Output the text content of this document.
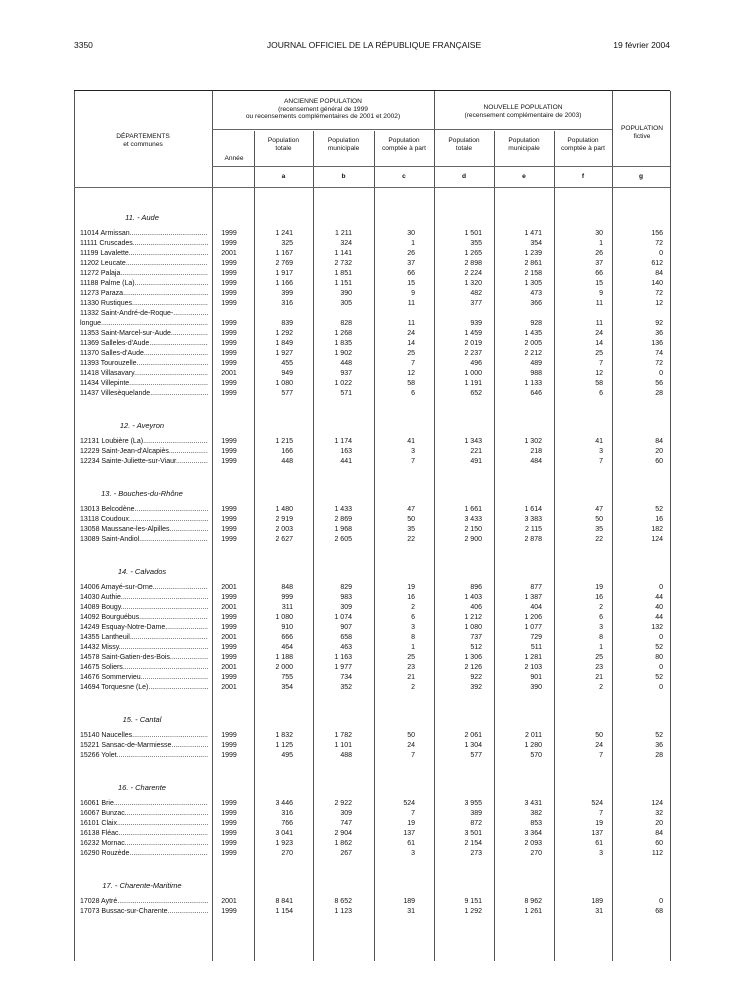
3350	JOURNAL OFFICIEL DE LA RÉPUBLIQUE FRANÇAISE	19 février 2004
DÉPARTEMENTS
et communes
ANCIENNE POPULATION
(recensement général de 1999
ou recensements complémentaires de 2001 et 2002)
NOUVELLE POPULATION
(recensement complémentaire de 2003)
POPULATION
fictive
Année
Population
totale
Population
municipale
Population
comptée à part
Population
totale
Population
municipale
Population
comptée à part
a	b	c	d	e	f	g
11. - Aude
11014 Armissan .....	1999	1 241	1 211	30	1 501	1 471	30	156
11111 Cruscades .....	1999	325	324	1	355	354	1	72
11199 Lavalette .....	2001	1 167	1 141	26	1 265	1 239	26	0
11202 Leucate .....	1999	2 769	2 732	37	2 898	2 861	37	612
11272 Palaja .....	1999	1 917	1 851	66	2 224	2 158	66	84
11188 Palme (La) .....	1999	1 166	1 151	15	1 320	1 305	15	140
11273 Paraza .....	1999	399	390	9	482	473	9	72
11330 Rustiques .....	1999	316	305	11	377	366	11	12
11332 Saint-André-de-Roque- .....
longue .....	1999	839	828	11	939	928	11	92
11353 Saint-Marcel-sur-Aude .....	1999	1 292	1 268	24	1 459	1 435	24	36
11369 Salleles-d'Aude .....	1999	1 849	1 835	14	2 019	2 005	14	136
11370 Salles-d'Aude .....	1999	1 927	1 902	25	2 237	2 212	25	74
11393 Tourouzelle .....	1999	455	448	7	496	489	7	72
11418 Villasavary .....	2001	949	937	12	1 000	988	12	0
11434 Villepinte .....	1999	1 080	1 022	58	1 191	1 133	58	56
11437 Villesèquelande .....	1999	577	571	6	652	646	6	28
12. - Aveyron
12131 Loubière (La) .....	1999	1 215	1 174	41	1 343	1 302	41	84
12229 Saint-Jean-d'Alcapiès .....	1999	166	163	3	221	218	3	20
12234 Sainte-Juliette-sur-Viaur .....	1999	448	441	7	491	484	7	60
13. - Bouches-du-Rhône
13013 Belcodène .....	1999	1 480	1 433	47	1 661	1 614	47	52
13118 Coudoux .....	1999	2 919	2 869	50	3 433	3 383	50	16
13058 Maussane-les-Alpilles .....	1999	2 003	1 968	35	2 150	2 115	35	182
13089 Saint-Andiol .....	1999	2 627	2 605	22	2 900	2 878	22	124
14. - Calvados
14006 Amayé-sur-Orne .....	2001	848	829	19	896	877	19	0
14030 Authie .....	1999	999	983	16	1 403	1 387	16	44
14089 Bougy .....	2001	311	309	2	406	404	2	40
14092 Bourguébus .....	1999	1 080	1 074	6	1 212	1 206	6	44
14249 Esquay-Notre-Dame .....	1999	910	907	3	1 080	1 077	3	132
14355 Lantheuil .....	2001	666	658	8	737	729	8	0
14432 Missy .....	1999	464	463	1	512	511	1	52
14578 Saint-Gatien-des-Bois .....	1999	1 188	1 163	25	1 306	1 281	25	80
14675 Soliers .....	2001	2 000	1 977	23	2 126	2 103	23	0
14676 Sommervieu .....	1999	755	734	21	922	901	21	52
14694 Torquesne (Le) .....	2001	354	352	2	392	390	2	0
15. - Cantal
15140 Naucelles .....	1999	1 832	1 782	50	2 061	2 011	50	52
15221 Sansac-de-Marmiesse .....	1999	1 125	1 101	24	1 304	1 280	24	36
15266 Yolet .....	1999	495	488	7	577	570	7	28
16. - Charente
16061 Brie .....	1999	3 446	2 922	524	3 955	3 431	524	124
16067 Bunzac .....	1999	316	309	7	389	382	7	32
16101 Claix .....	1999	766	747	19	872	853	19	20
16138 Fléac .....	1999	3 041	2 904	137	3 501	3 364	137	84
16232 Mornac .....	1999	1 923	1 862	61	2 154	2 093	61	60
16290 Rouzède .....	1999	270	267	3	273	270	3	112
17. - Charente-Maritime
17028 Aytré .....	2001	8 841	8 652	189	9 151	8 962	189	0
17073 Bussac-sur-Charente .....	1999	1 154	1 123	31	1 292	1 261	31	68
